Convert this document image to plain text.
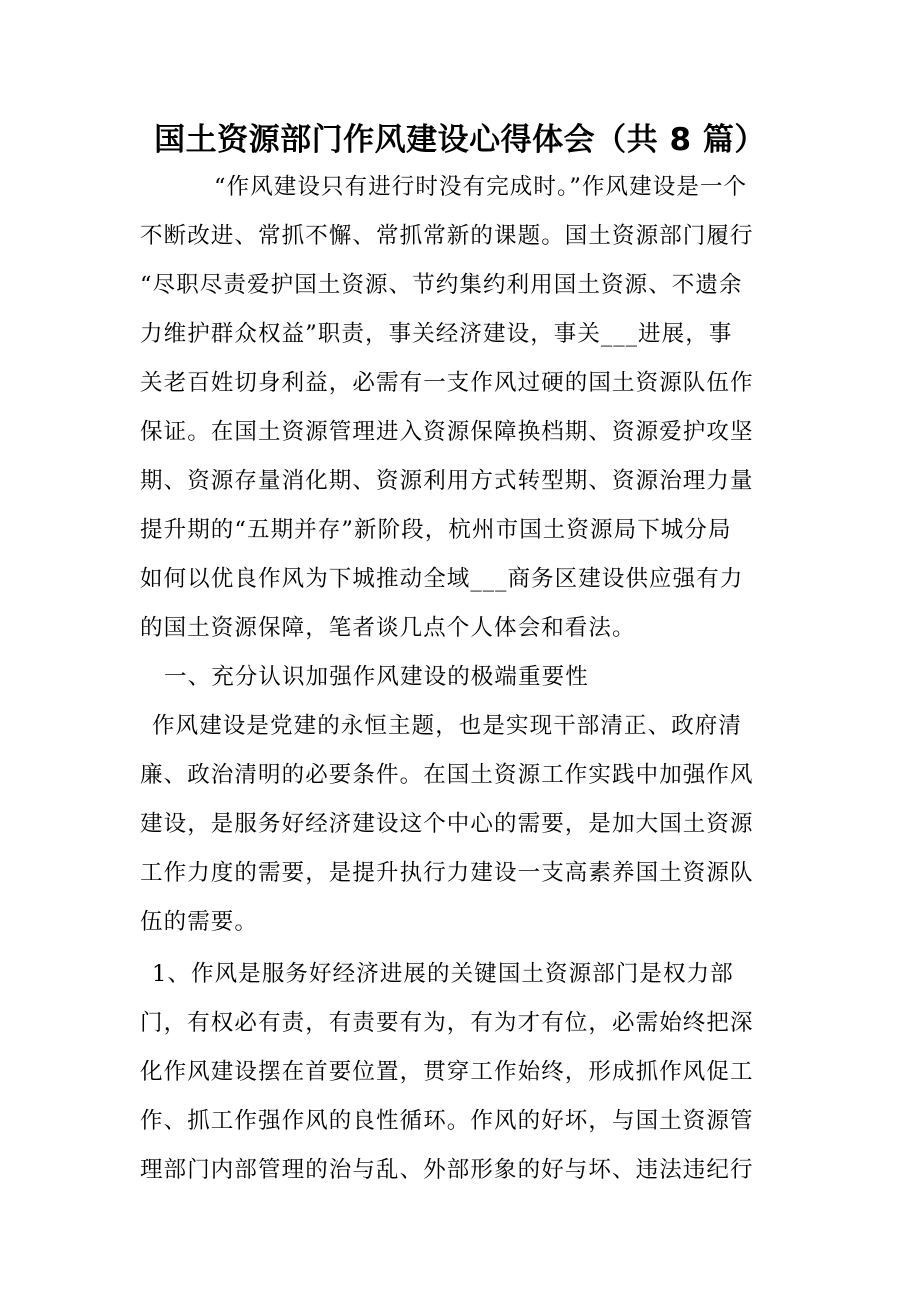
国土资源部门作风建设心得体会（共 8 篇）
“作风建设只有进行时没有完成时。”作风建设是一个
不断改进、常抓不懈、常抓常新的课题。国土资源部门履行
“尽职尽责爱护国土资源、节约集约利用国土资源、不遗余
力维护群众权益”职责，事关经济建设，事关___进展，事
关老百姓切身利益，必需有一支作风过硬的国土资源队伍作
保证。在国土资源管理进入资源保障换档期、资源爱护攻坚
期、资源存量消化期、资源利用方式转型期、资源治理力量
提升期的“五期并存”新阶段，杭州市国土资源局下城分局
如何以优良作风为下城推动全域___商务区建设供应强有力
的国土资源保障，笔者谈几点个人体会和看法。
一、充分认识加强作风建设的极端重要性
作风建设是党建的永恒主题，也是实现干部清正、政府清
廉、政治清明的必要条件。在国土资源工作实践中加强作风
建设，是服务好经济建设这个中心的需要，是加大国土资源
工作力度的需要，是提升执行力建设一支高素养国土资源队
伍的需要。
1、作风是服务好经济进展的关键国土资源部门是权力部
门，有权必有责，有责要有为，有为才有位，必需始终把深
化作风建设摆在首要位置，贯穿工作始终，形成抓作风促工
作、抓工作强作风的良性循环。作风的好坏，与国土资源管
理部门内部管理的治与乱、外部形象的好与坏、违法违纪行
